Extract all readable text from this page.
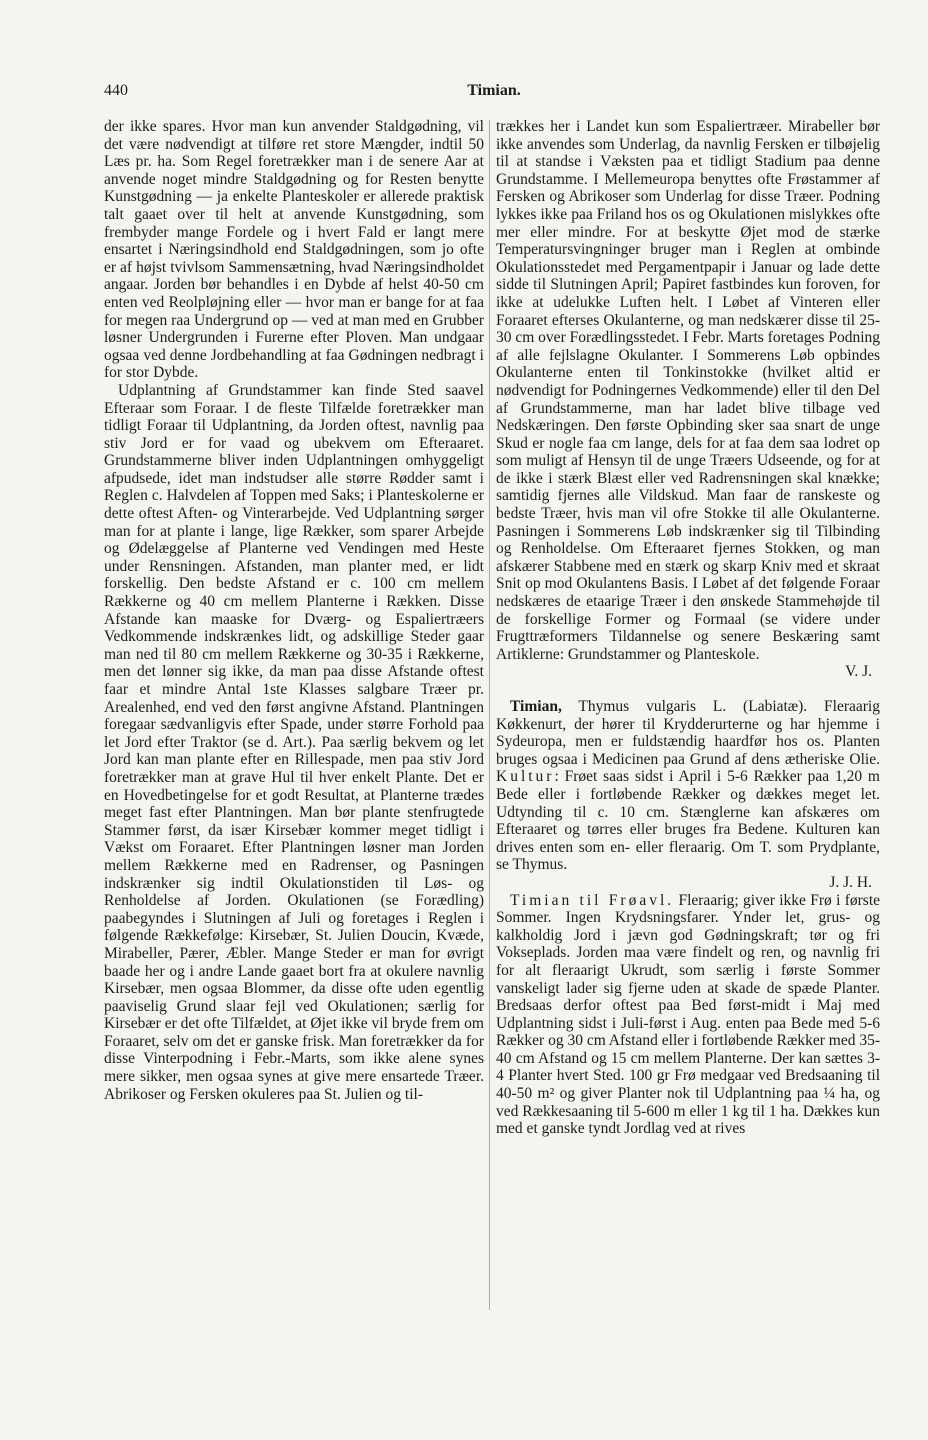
440	Timian.

der ikke spares. Hvor man kun anvender Staldgødning, vil det være nødvendigt at tilføre ret store Mængder, indtil 50 Læs pr. ha. Som Regel foretrækker man i de senere Aar at anvende noget mindre Staldgødning og for Resten benytte Kunstgødning — ja enkelte Planteskoler er allerede praktisk talt gaaet over til helt at anvende Kunstgødning, som frembyder mange Fordele og i hvert Fald er langt mere ensartet i Næringsindhold end Staldgødningen, som jo ofte er af højst tvivlsom Sammensætning, hvad Næringsindholdet angaar. Jorden bør behandles i en Dybde af helst 40-50 cm enten ved Reolpløjning eller — hvor man er bange for at faa for megen raa Undergrund op — ved at man med en Grubber løsner Undergrunden i Furerne efter Ploven. Man undgaar ogsaa ved denne Jordbehandling at faa Gødningen nedbragt i for stor Dybde.

Udplantning af Grundstammer kan finde Sted saavel Efteraar som Foraar. I de fleste Tilfælde foretrækker man tidligt Foraar til Udplantning, da Jorden oftest, navnlig paa stiv Jord er for vaad og ubekvem om Efteraaret. Grundstammerne bliver inden Udplantningen omhyggeligt afpudsede, idet man indstudser alle større Rødder samt i Reglen c. Halvdelen af Toppen med Saks; i Planteskolerne er dette oftest Aften- og Vinterarbejde. Ved Udplantning sørger man for at plante i lange, lige Rækker, som sparer Arbejde og Ødelæggelse af Planterne ved Vendingen med Heste under Rensningen. Afstanden, man planter med, er lidt forskellig. Den bedste Afstand er c. 100 cm mellem Rækkerne og 40 cm mellem Planterne i Rækken. Disse Afstande kan maaske for Dværg- og Espaliertræers Vedkommende indskrænkes lidt, og adskillige Steder gaar man ned til 80 cm mellem Rækkerne og 30-35 i Rækkerne, men det lønner sig ikke, da man paa disse Afstande oftest faar et mindre Antal 1ste Klasses salgbare Træer pr. Arealenhed, end ved den først angivne Afstand. Plantningen foregaar sædvanligvis efter Spade, under større Forhold paa let Jord efter Traktor (se d. Art.). Paa særlig bekvem og let Jord kan man plante efter en Rillespade, men paa stiv Jord foretrækker man at grave Hul til hver enkelt Plante. Det er en Hovedbetingelse for et godt Resultat, at Planterne trædes meget fast efter Plantningen. Man bør plante stenfrugtede Stammer først, da især Kirsebær kommer meget tidligt i Vækst om Foraaret. Efter Plantningen løsner man Jorden mellem Rækkerne med en Radrenser, og Pasningen indskrænker sig indtil Okulationstiden til Løs- og Renholdelse af Jorden. Okulationen (se Forædling) paabegyndes i Slutningen af Juli og foretages i Reglen i følgende Rækkefølge: Kirsebær, St. Julien Doucin, Kvæde, Mirabeller, Pærer, Æbler. Mange Steder er man for øvrigt baade her og i andre Lande gaaet bort fra at okulere navnlig Kirsebær, men ogsaa Blommer, da disse ofte uden egentlig paaviselig Grund slaar fejl ved Okulationen; særlig for Kirsebær er det ofte Tilfældet, at Øjet ikke vil bryde frem om Foraaret, selv om det er ganske frisk. Man foretrækker da for disse Vinterpodning i Febr.-Marts, som ikke alene synes mere sikker, men ogsaa synes at give mere ensartede Træer. Abrikoser og Fersken okuleres paa St. Julien og til-

trækkes her i Landet kun som Espaliertræer. Mirabeller bør ikke anvendes som Underlag, da navnlig Fersken er tilbøjelig til at standse i Væksten paa et tidligt Stadium paa denne Grundstamme. I Mellemeuropa benyttes ofte Frøstammer af Fersken og Abrikoser som Underlag for disse Træer. Podning lykkes ikke paa Friland hos os og Okulationen mislykkes ofte mer eller mindre. For at beskytte Øjet mod de stærke Temperatursvingninger bruger man i Reglen at ombinde Okulationsstedet med Pergamentpapir i Januar og lade dette sidde til Slutningen April; Papiret fastbindes kun foroven, for ikke at udelukke Luften helt. I Løbet af Vinteren eller Foraaret efterses Okulanterne, og man nedskærer disse til 25-30 cm over Forædlingsstedet. I Febr. Marts foretages Podning af alle fejlslagne Okulanter. I Sommerens Løb opbindes Okulanterne enten til Tonkinstokke (hvilket altid er nødvendigt for Podningernes Vedkommende) eller til den Del af Grundstammerne, man har ladet blive tilbage ved Nedskæringen. Den første Opbinding sker saa snart de unge Skud er nogle faa cm lange, dels for at faa dem saa lodret op som muligt af Hensyn til de unge Træers Udseende, og for at de ikke i stærk Blæst eller ved Radrensningen skal knække; samtidig fjernes alle Vildskud. Man faar de ranskeste og bedste Træer, hvis man vil ofre Stokke til alle Okulanterne. Pasningen i Sommerens Løb indskrænker sig til Tilbinding og Renholdelse. Om Efteraaret fjernes Stokken, og man afskærer Stabbene med en stærk og skarp Kniv med et skraat Snit op mod Okulantens Basis. I Løbet af det følgende Foraar nedskæres de etaarige Træer i den ønskede Stammehøjde til de forskellige Former og Formaal (se videre under Frugttræformers Tildannelse og senere Beskæring samt Artiklerne: Grundstammer og Planteskole.

V. J.

Timian, Thymus vulgaris L. (Labiatæ). Fleraarig Køkkenurt, der hører til Krydderurterne og har hjemme i Sydeuropa, men er fuldstændig haardfør hos os. Planten bruges ogsaa i Medicinen paa Grund af dens ætheriske Olie. Kultur: Frøet saas sidst i April i 5-6 Rækker paa 1,20 m Bede eller i fortløbende Rækker og dækkes meget let. Udtynding til c. 10 cm. Stænglerne kan afskæres om Efteraaret og tørres eller bruges fra Bedene. Kulturen kan drives enten som en- eller fleraarig. Om T. som Prydplante, se Thymus.

J. J. H.

Timian til Frøavl. Fleraarig; giver ikke Frø i første Sommer. Ingen Krydsningsfarer. Ynder let, grus- og kalkholdig Jord i jævn god Gødningskraft; tør og fri Vokseplads. Jorden maa være findelt og ren, og navnlig fri for alt fleraarigt Ukrudt, som særlig i første Sommer vanskeligt lader sig fjerne uden at skade de spæde Planter. Bredsaas derfor oftest paa Bed først-midt i Maj med Udplantning sidst i Juli-først i Aug. enten paa Bede med 5-6 Rækker og 30 cm Afstand eller i fortløbende Rækker med 35-40 cm Afstand og 15 cm mellem Planterne. Der kan sættes 3-4 Planter hvert Sted. 100 gr Frø medgaar ved Bredsaaning til 40-50 m² og giver Planter nok til Udplantning paa ¼ ha, og ved Rækkesaaning til 5-600 m eller 1 kg til 1 ha. Dækkes kun med et ganske tyndt Jordlag ved at rives
